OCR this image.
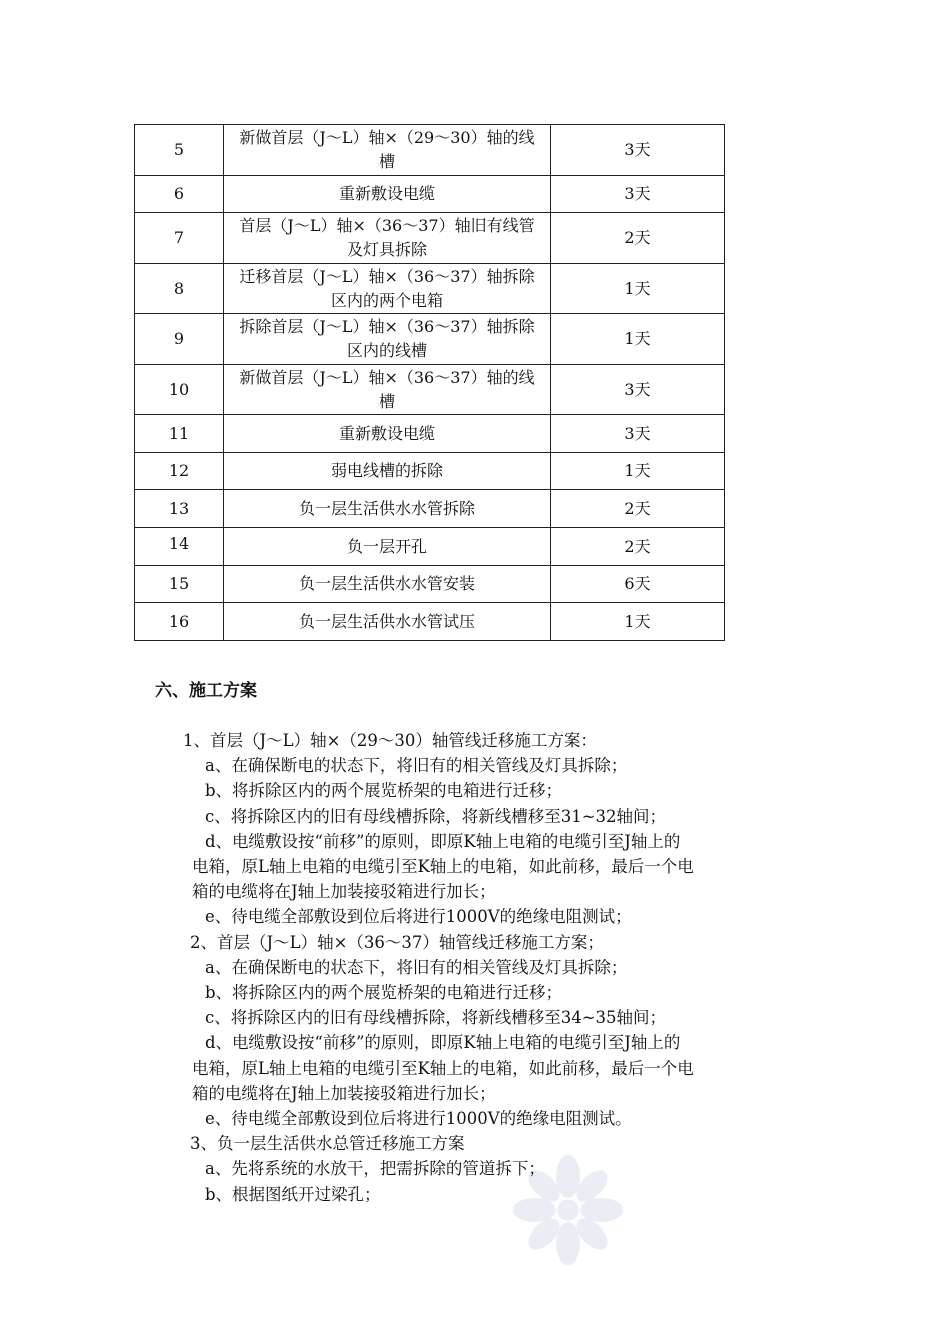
5	新做首层（J～L）轴×（29～30）轴的线槽	3天
6	重新敷设电缆	3天
7	首层（J～L）轴×（36～37）轴旧有线管及灯具拆除	2天
8	迁移首层（J～L）轴×（36～37）轴拆除区内的两个电箱	1天
9	拆除首层（J～L）轴×（36～37）轴拆除区内的线槽	1天
10	新做首层（J～L）轴×（36～37）轴的线槽	3天
11	重新敷设电缆	3天
12	弱电线槽的拆除	1天
13	负一层生活供水水管拆除	2天
14	负一层开孔	2天
15	负一层生活供水水管安装	6天
16	负一层生活供水水管试压	1天
六、施工方案
1、首层（J～L）轴×（29～30）轴管线迁移施工方案：
a、在确保断电的状态下，将旧有的相关管线及灯具拆除；
b、将拆除区内的两个展览桥架的电箱进行迁移；
c、将拆除区内的旧有母线槽拆除，将新线槽移至31~32轴间；
d、电缆敷设按“前移”的原则，即原K轴上电箱的电缆引至J轴上的
电箱，原L轴上电箱的电缆引至K轴上的电箱，如此前移，最后一个电
箱的电缆将在J轴上加装接驳箱进行加长；
e、待电缆全部敷设到位后将进行1000V的绝缘电阻测试；
2、首层（J～L）轴×（36～37）轴管线迁移施工方案；
a、在确保断电的状态下，将旧有的相关管线及灯具拆除；
b、将拆除区内的两个展览桥架的电箱进行迁移；
c、将拆除区内的旧有母线槽拆除，将新线槽移至34~35轴间；
d、电缆敷设按“前移”的原则，即原K轴上电箱的电缆引至J轴上的
电箱，原L轴上电箱的电缆引至K轴上的电箱，如此前移，最后一个电
箱的电缆将在J轴上加装接驳箱进行加长；
e、待电缆全部敷设到位后将进行1000V的绝缘电阻测试。
3、负一层生活供水总管迁移施工方案
a、先将系统的水放干，把需拆除的管道拆下；
b、根据图纸开过梁孔；
